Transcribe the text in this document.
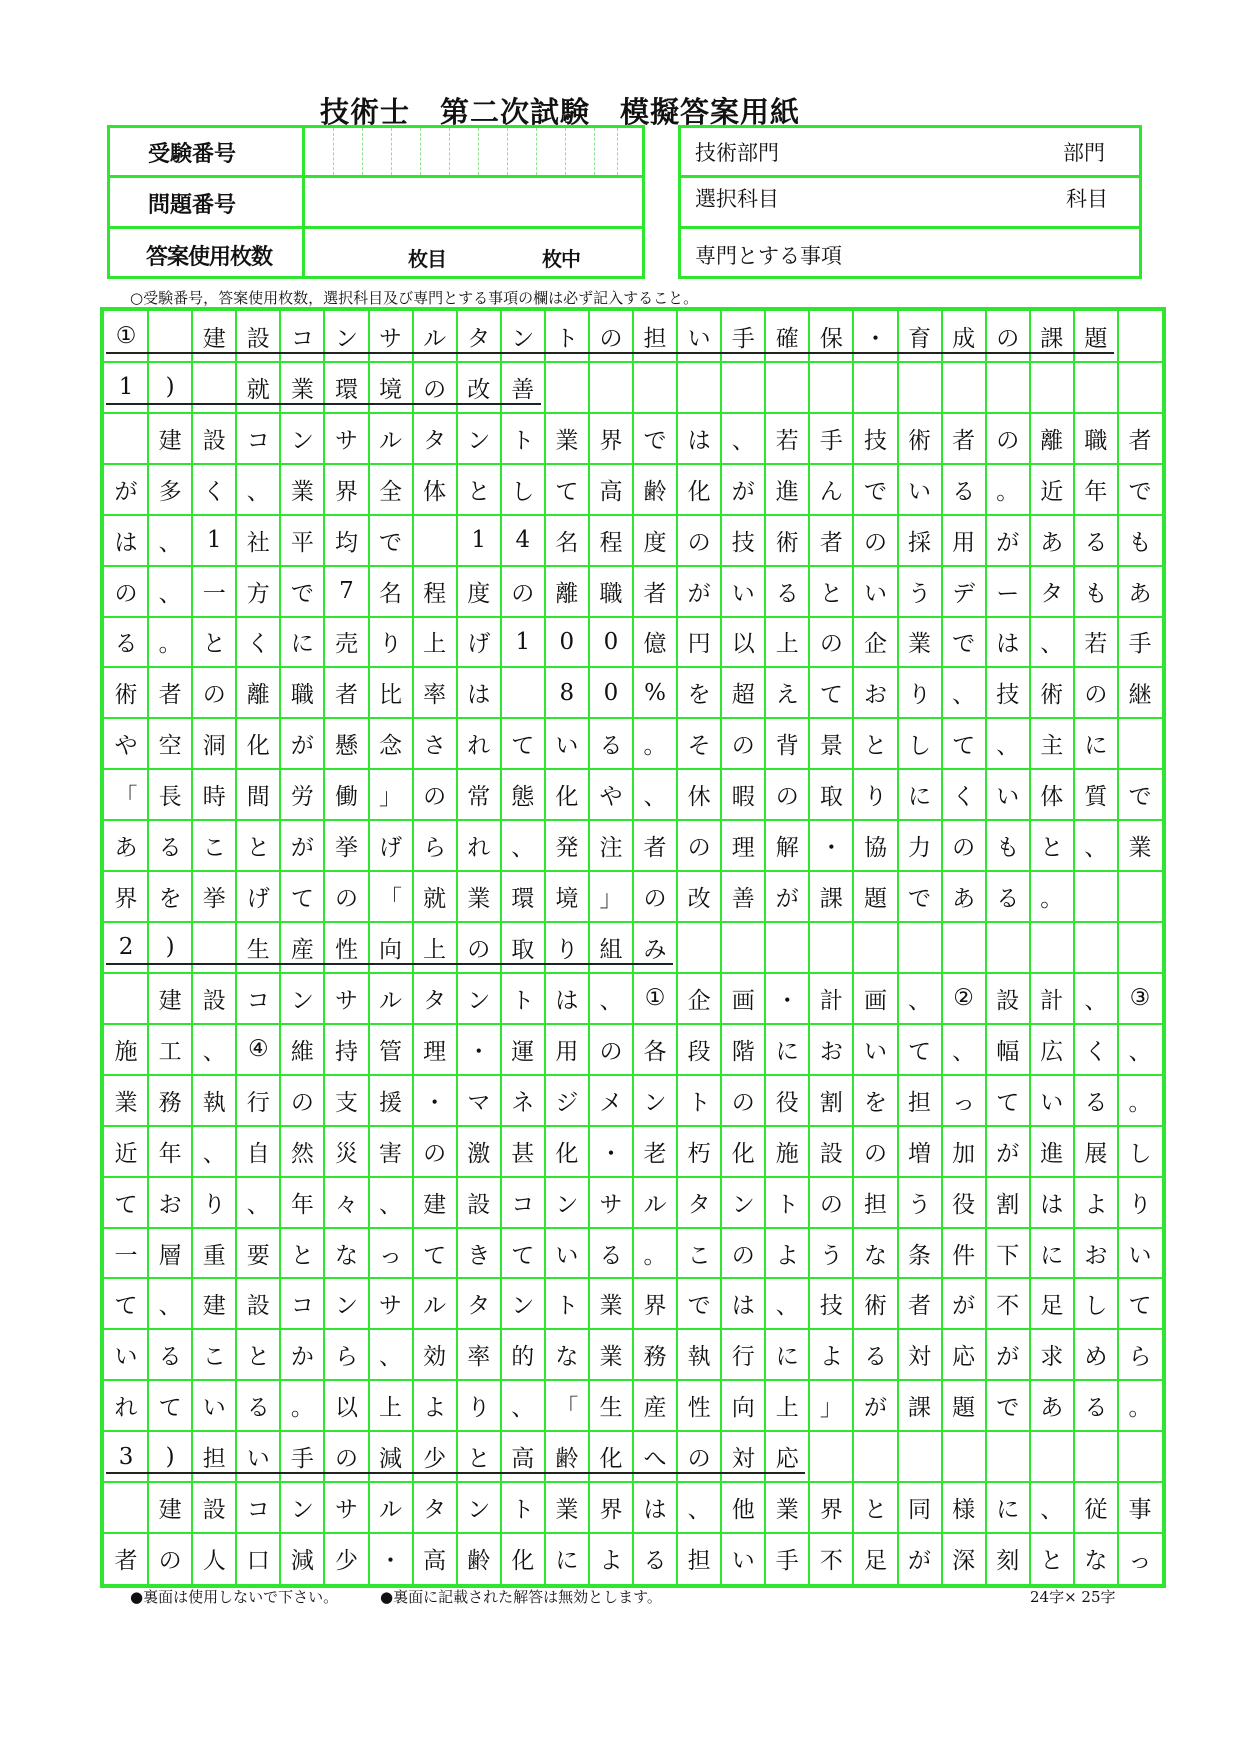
技術士　第二次試験　模擬答案用紙
受験番号
問題番号
答案使用枚数	枚目	枚中
技術部門	部門
選択科目	科目
専門とする事項
○受験番号，答案使用枚数，選択科目及び専門とする事項の欄は必ず記入すること。
①	建 設 コ ン サ ル タ ン ト の 担 い 手 確 保 ・ 育 成 の 課 題
1	)	就 業 環 境 の 改 善
建 設 コ ン サ ル タ ン ト 業 界 で は 、 若 手 技 術 者 の 離 職 者
が 多 く 、 業 界 全 体 と し て 高 齢 化 が 進 ん で い る 。 近 年 で
は 、	1	社 平 均 で	1	4	名 程 度 の 技 術 者 の 採 用 が あ る も
の 、 一 方 で	7	名 程 度 の 離 職 者 が い る と い う デ ー タ も あ
る 。 と く に 売 り 上 げ	1	0	0	億 円 以 上 の 企 業 で は 、 若 手
術 者 の 離 職 者 比 率 は	8	0	% を 超 え て お り 、 技 術 の 継
や 空 洞 化 が 懸 念 さ れ て い る 。 そ の 背 景 と し て 、 主 に
「 長 時 間 労 働 」 の 常 態 化 や 、 休 暇 の 取 り に く い 体 質 で
あ る こ と が 挙 げ ら れ 、 発 注 者 の 理 解 ・ 協 力 の も と 、 業
界 を 挙 げ て の 「 就 業 環 境 」 の 改 善 が 課 題 で あ る 。
2	)	生 産 性 向 上 の 取 り 組 み
建 設 コ ン サ ル タ ン ト は 、 ① 企 画 ・ 計 画 、 ② 設 計 、 ③
施 工 、 ④ 維 持 管 理 ・ 運 用 の 各 段 階 に お い て 、 幅 広 く 、
業 務 執 行 の 支 援 ・ マ ネ ジ メ ン ト の 役 割 を 担 っ て い る 。
近 年 、 自 然 災 害 の 激 甚 化 ・ 老 朽 化 施 設 の 増 加 が 進 展 し
て お り 、 年 々 、 建 設 コ ン サ ル タ ン ト の 担 う 役 割 は よ り
一 層 重 要 と な っ て き て い る 。 こ の よ う な 条 件 下 に お い
て 、 建 設 コ ン サ ル タ ン ト 業 界 で は 、 技 術 者 が 不 足 し て
い る こ と か ら 、 効 率 的 な 業 務 執 行 に よ る 対 応 が 求 め ら
れ て い る 。 以 上 よ り 、 「 生 産 性 向 上 」 が 課 題 で あ る 。
3	)	担 い 手 の 減 少 と 高 齢 化 へ の 対 応
建 設 コ ン サ ル タ ン ト 業 界 は 、 他 業 界 と 同 様 に 、 従 事
者 の 人 口 減 少 ・ 高 齢 化 に よ る 担 い 手 不 足 が 深 刻 と な っ
●裏面は使用しないで下さい。	●裏面に記載された解答は無効とします。	24字× 25字
